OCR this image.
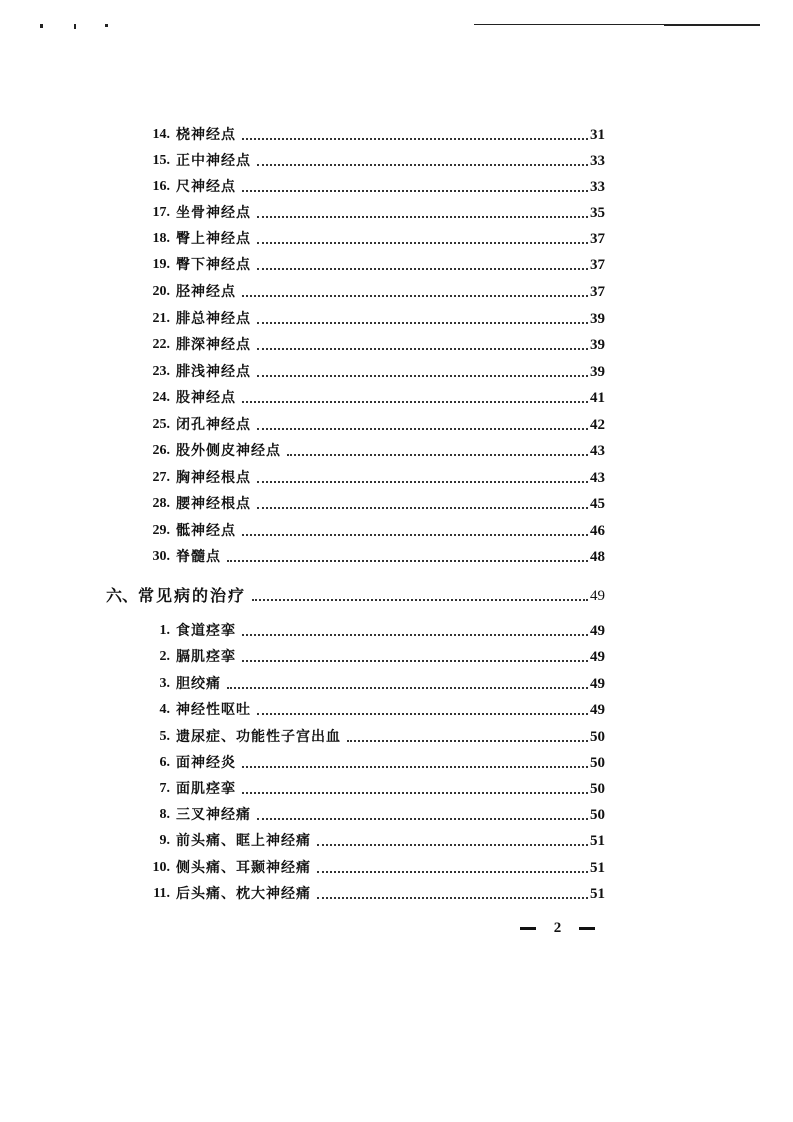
14. 桡神经点	31
15. 正中神经点	33
16. 尺神经点	33
17. 坐骨神经点	35
18. 臀上神经点	37
19. 臀下神经点	37
20. 胫神经点	37
21. 腓总神经点	39
22. 腓深神经点	39
23. 腓浅神经点	39
24. 股神经点	41
25. 闭孔神经点	42
26. 股外侧皮神经点	43
27. 胸神经根点	43
28. 腰神经根点	45
29. 骶神经点	46
30. 脊髓点	48
六、 常见病的治疗	49
1. 食道痉挛	49
2. 膈肌痉挛	49
3. 胆绞痛	49
4. 神经性呕吐	49
5. 遗尿症、功能性子宫出血	50
6. 面神经炎	50
7. 面肌痉挛	50
8. 三叉神经痛	50
9. 前头痛、眶上神经痛	51
10. 侧头痛、耳颞神经痛	51
11. 后头痛、枕大神经痛	51
2
